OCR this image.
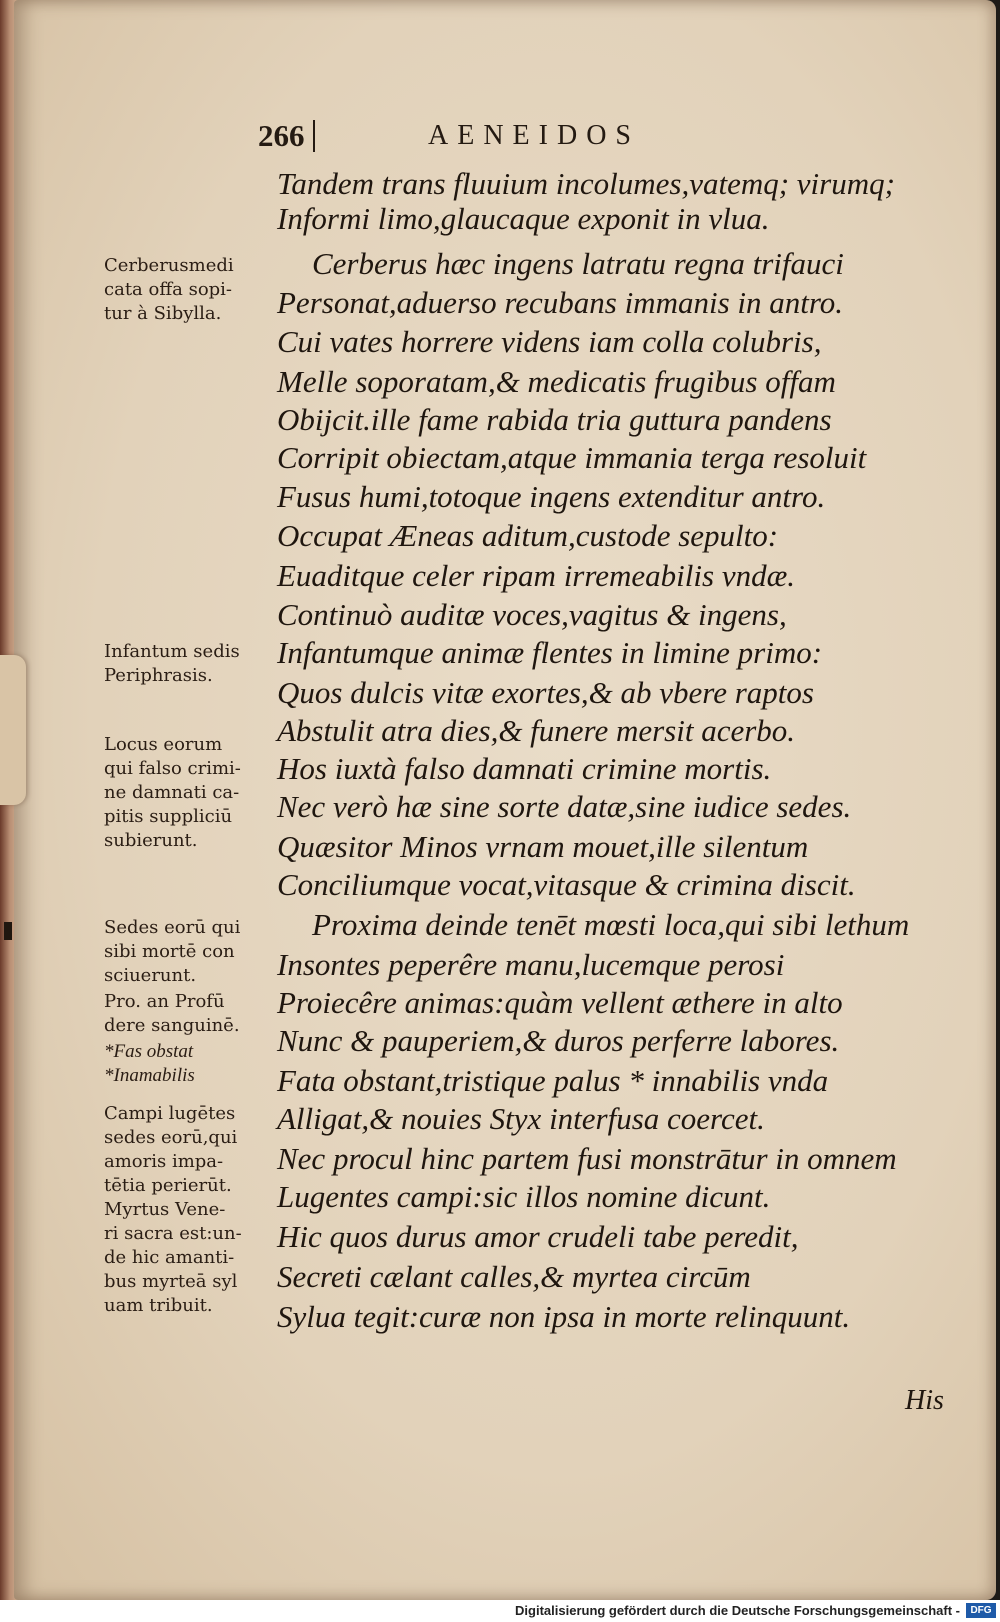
266	AENEIDOS

Tandem trans fluuium incolumes,vatemq; virumq;

Informi limo,glaucaque exponit in vlua.

Cerberus hæc ingens latratu regna trifauci

Personat,aduerso recubans immanis in antro.

Cui vates horrere videns iam colla colubris,

Melle soporatam,& medicatis frugibus offam

Obijcit.ille fame rabida tria guttura pandens

Corripit obiectam,atque immania terga resoluit

Fusus humi,totoque ingens extenditur antro.

Occupat Æneas aditum,custode sepulto:

Euaditque celer ripam irremeabilis vndæ.

Continuò auditæ voces,vagitus & ingens,

Infantumque animæ flentes in limine primo:

Quos dulcis vitæ exortes,& ab vbere raptos

Abstulit atra dies,& funere mersit acerbo.

Hos iuxtà falso damnati crimine mortis.

Nec verò hæ sine sorte datæ,sine iudice sedes.

Quæsitor Minos vrnam mouet,ille silentum

Conciliumque vocat,vitasque & crimina discit.

Proxima deinde tenēt mœsti loca,qui sibi lethum

Insontes peperêre manu,lucemque perosi

Proiecêre animas:quàm vellent æthere in alto

Nunc & pauperiem,& duros perferre labores.

Fata obstant,tristique palus * innabilis vnda

Alligat,& nouies Styx interfusa coercet.

Nec procul hinc partem fusi monstrātur in omnem

Lugentes campi:sic illos nomine dicunt.

Hic quos durus amor crudeli tabe peredit,

Secreti cælant calles,& myrtea circūm

Sylua tegit:curæ non ipsa in morte relinquunt.

Cerberusmedi
cata offa sopi-
tur à Sibylla.

Infantum sedis
Periphrasis.

Locus eorum
qui falso crimi-
ne damnati ca-
pitis suppliciū
subierunt.

Sedes eorū qui
sibi mortē con
sciuerunt.

Pro. an Profū
dere sanguinē.

*Fas obstat
*Inamabilis

Campi lugētes
sedes eorū,qui
amoris impa-
tētia perierūt.
Myrtus Vene-
ri sacra est:un-
de hic amanti-
bus myrteā syl
uam tribuit.

His
Digitalisierung gefördert durch die Deutsche Forschungsgemeinschaft -	DFG
